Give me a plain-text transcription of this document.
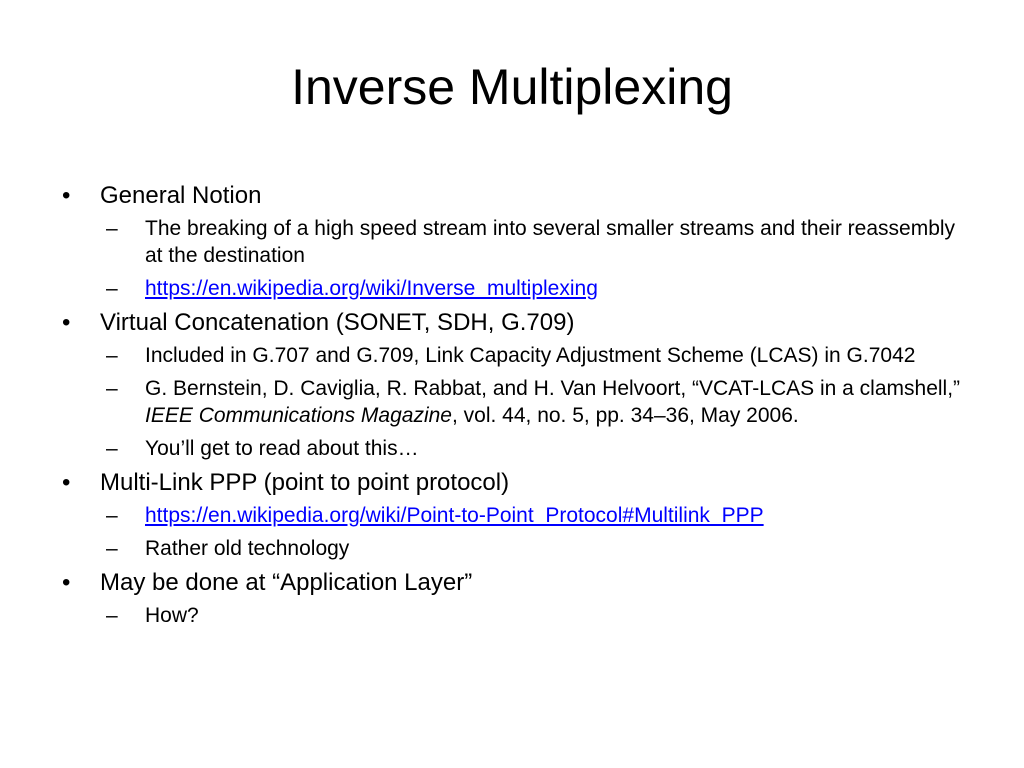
Inverse Multiplexing
•	General Notion
– The breaking of a high speed stream into several smaller streams and their reassembly at the destination
– https://en.wikipedia.org/wiki/Inverse_multiplexing
•	Virtual Concatenation (SONET, SDH, G.709)
– Included in G.707 and G.709, Link Capacity Adjustment Scheme (LCAS) in G.7042
– G. Bernstein, D. Caviglia, R. Rabbat, and H. Van Helvoort, “VCAT-LCAS in a clamshell,” IEEE Communications Magazine, vol. 44, no. 5, pp. 34–36, May 2006.
– You’ll get to read about this…
•	Multi-Link PPP (point to point protocol)
– https://en.wikipedia.org/wiki/Point-to-Point_Protocol#Multilink_PPP
– Rather old technology
•	May be done at “Application Layer”
– How?
